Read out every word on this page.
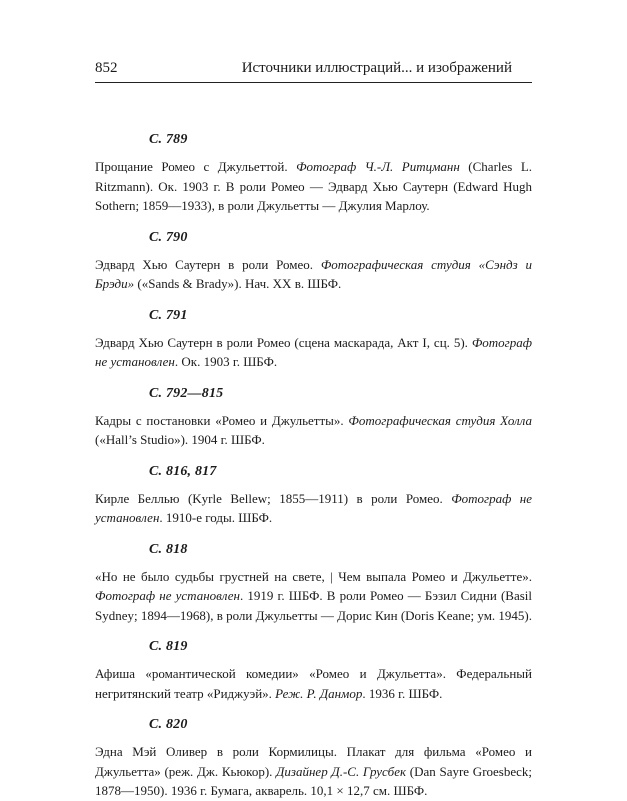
852	Источники иллюстраций... и изображений

С. 789

Прощание Ромео с Джульеттой. Фотограф Ч.-Л. Ритцманн (Charles L. Ritzmann). Ок. 1903 г. В роли Ромео — Эдвард Хью Саутерн (Edward Hugh Sothern; 1859—1933), в роли Джульетты — Джулия Марлоу.

С. 790

Эдвард Хью Саутерн в роли Ромео. Фотографическая студия «Сэндз и Брэди» («Sands & Brady»). Нач. XX в. ШБФ.

С. 791

Эдвард Хью Саутерн в роли Ромео (сцена маскарада, Акт I, сц. 5). Фотограф не установлен. Ок. 1903 г. ШБФ.

С. 792—815

Кадры с постановки «Ромео и Джульетты». Фотографическая студия Холла («Hall’s Studio»). 1904 г. ШБФ.

С. 816, 817

Кирле Беллью (Kyrle Bellew; 1855—1911) в роли Ромео. Фотограф не установлен. 1910-е годы. ШБФ.

С. 818

«Но не было судьбы грустней на свете, | Чем выпала Ромео и Джульетте». Фотограф не установлен. 1919 г. ШБФ. В роли Ромео — Бэзил Сидни (Basil Sydney; 1894—1968), в роли Джульетты — Дорис Кин (Doris Keane; ум. 1945).

С. 819

Афиша «романтической комедии» «Ромео и Джульетта». Федеральный негритянский театр «Риджуэй». Реж. Р. Данмор. 1936 г. ШБФ.

С. 820

Эдна Мэй Оливер в роли Кормилицы. Плакат для фильма «Ромео и Джульетта» (реж. Дж. Кьюкор). Дизайнер Д.-С. Грусбек (Dan Sayre Groesbeck; 1878—1950). 1936 г. Бумага, акварель. 10,1 × 12,7 см. ШБФ.
